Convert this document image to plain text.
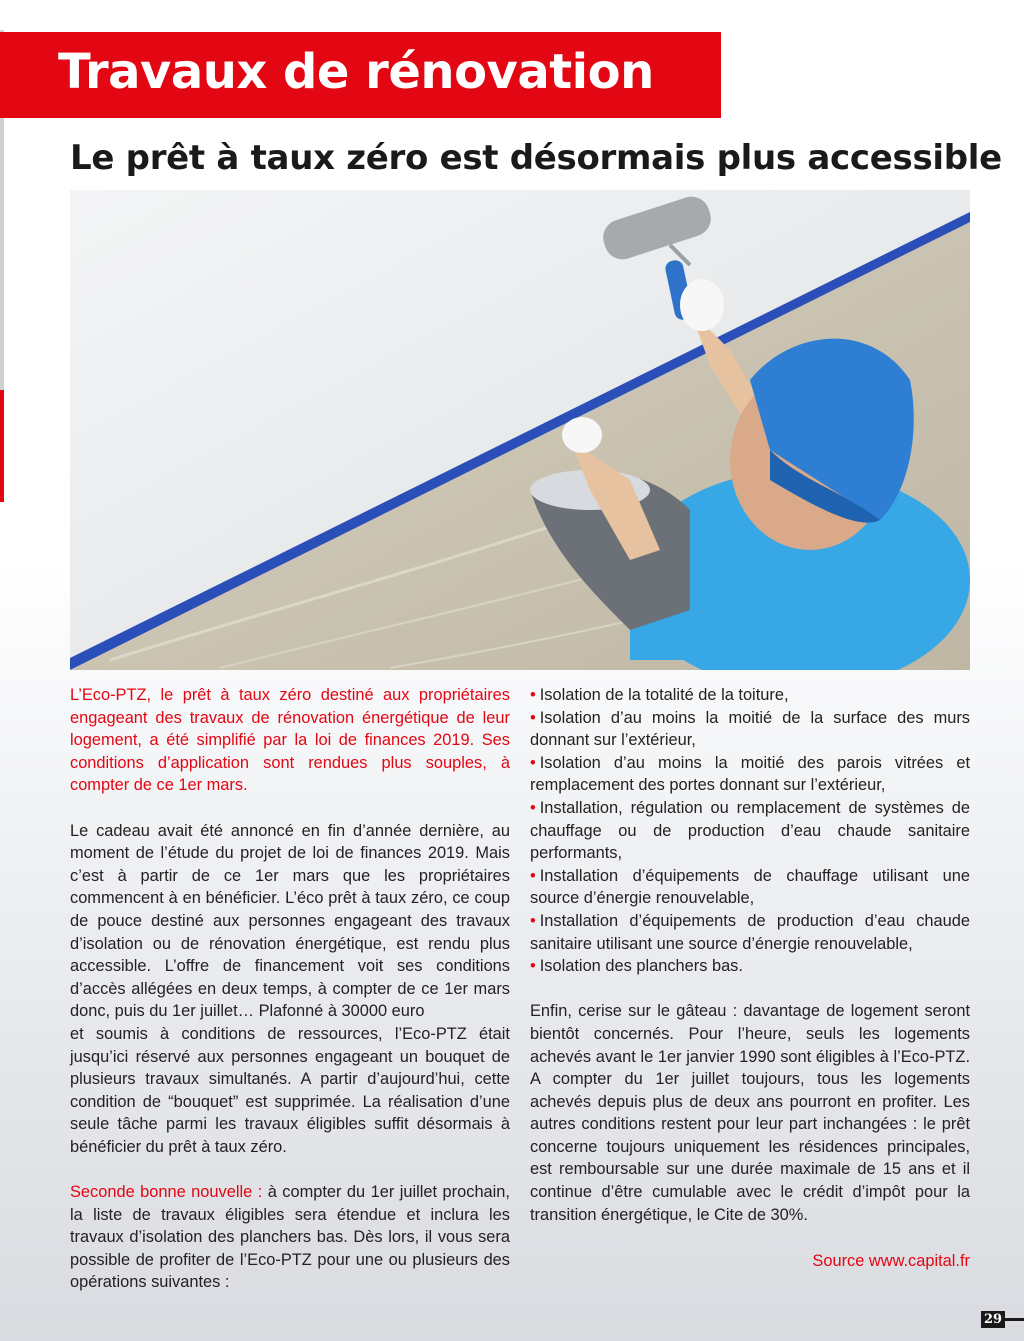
Travaux de rénovation
Le prêt à taux zéro est désormais plus accessible

L’Eco-PTZ, le prêt à taux zéro destiné aux propriétaires engageant des travaux de rénovation énergétique de leur logement, a été simplifié par la loi de finances 2019. Ses conditions d’application sont rendues plus souples, à compter de ce 1er mars.

Le cadeau avait été annoncé en fin d’année dernière, au moment de l’étude du projet de loi de finances 2019. Mais c’est à partir de ce 1er mars que les propriétaires commencent à en bénéficier. L’éco prêt à taux zéro, ce coup de pouce destiné aux personnes engageant des travaux d’isolation ou de rénovation énergétique, est rendu plus accessible. L’offre de financement voit ses conditions d’accès allégées en deux temps, à compter de ce 1er mars donc, puis du 1er juillet… Plafonné à 30000 euro
et soumis à conditions de ressources, l’Eco-PTZ était jusqu’ici réservé aux personnes engageant un bouquet de plusieurs travaux simultanés. A partir d’aujourd’hui, cette condition de “bouquet” est supprimée. La réalisation d’une seule tâche parmi les travaux éligibles suffit désormais à bénéficier du prêt à taux zéro.

Seconde bonne nouvelle : à compter du 1er juillet prochain, la liste de travaux éligibles sera étendue et inclura les travaux d’isolation des planchers bas. Dès lors, il vous sera possible de profiter de l’Eco-PTZ pour une ou plusieurs des opérations suivantes :

• Isolation de la totalité de la toiture,
• Isolation d’au moins la moitié de la surface des murs donnant sur l’extérieur,
• Isolation d’au moins la moitié des parois vitrées et remplacement des portes donnant sur l’extérieur,
• Installation, régulation ou remplacement de systèmes de chauffage ou de production d’eau chaude sanitaire performants,
• Installation d’équipements de chauffage utilisant une source d’énergie renouvelable,
• Installation d’équipements de production d’eau chaude sanitaire utilisant une source d’énergie renouvelable,
• Isolation des planchers bas.

Enfin, cerise sur le gâteau : davantage de logement seront bientôt concernés. Pour l’heure, seuls les logements achevés avant le 1er janvier 1990 sont éligibles à l’Eco-PTZ. A compter du 1er juillet toujours, tous les logements achevés depuis plus de deux ans pourront en profiter. Les autres conditions restent pour leur part inchangées : le prêt concerne toujours uniquement les résidences principales, est remboursable sur une durée maximale de 15 ans et il continue d’être cumulable avec le crédit d’impôt pour la transition énergétique, le Cite de 30%.

Source www.capital.fr
29
